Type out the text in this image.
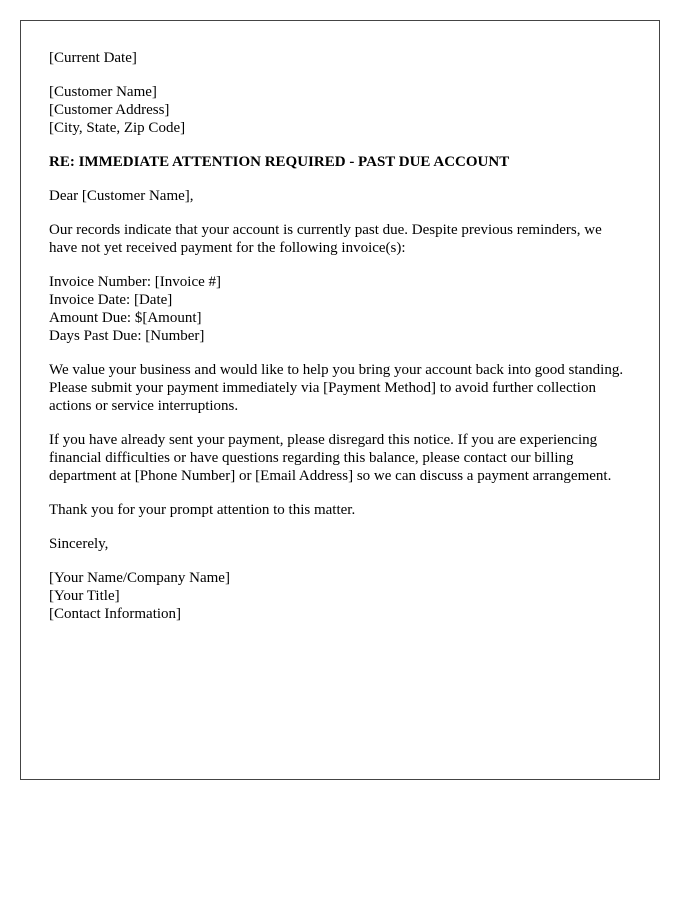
[Current Date]

[Customer Name]
[Customer Address]
[City, State, Zip Code]

RE: IMMEDIATE ATTENTION REQUIRED - PAST DUE ACCOUNT

Dear [Customer Name],

Our records indicate that your account is currently past due. Despite previous reminders, we have not yet received payment for the following invoice(s):

Invoice Number: [Invoice #]
Invoice Date: [Date]
Amount Due: $[Amount]
Days Past Due: [Number]

We value your business and would like to help you bring your account back into good standing. Please submit your payment immediately via [Payment Method] to avoid further collection actions or service interruptions.

If you have already sent your payment, please disregard this notice. If you are experiencing financial difficulties or have questions regarding this balance, please contact our billing department at [Phone Number] or [Email Address] so we can discuss a payment arrangement.

Thank you for your prompt attention to this matter.

Sincerely,

[Your Name/Company Name]
[Your Title]
[Contact Information]
